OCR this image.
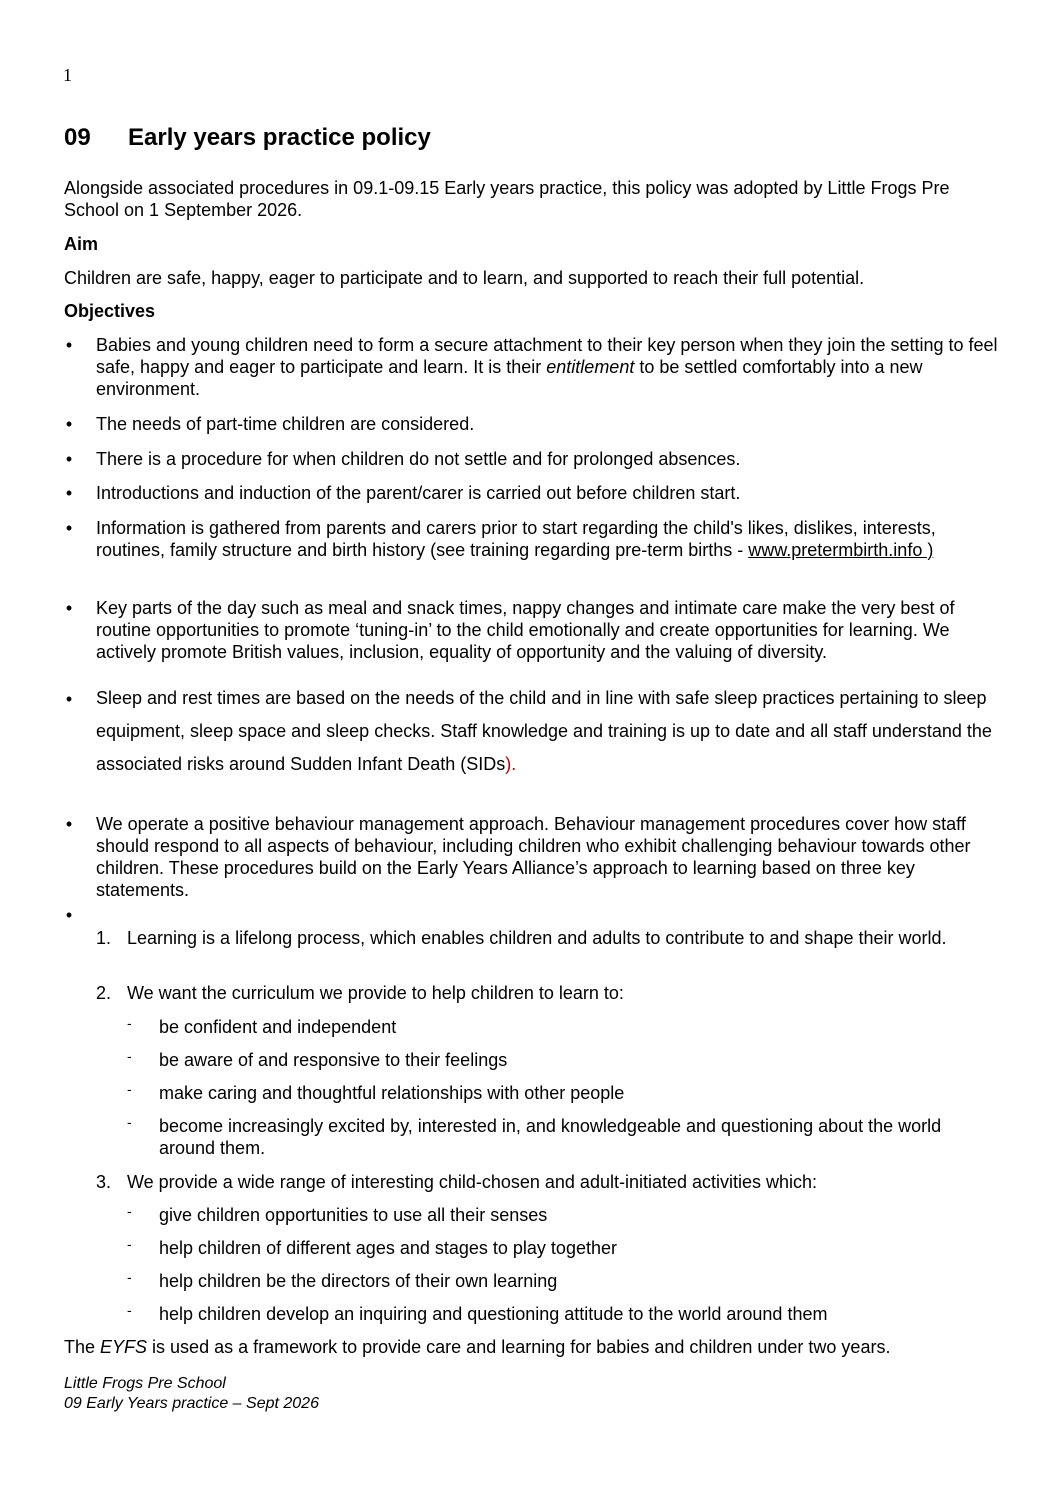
1
09 Early years practice policy
Alongside associated procedures in 09.1-09.15 Early years practice, this policy was adopted by Little Frogs Pre School on 1 September 2026.
Aim
Children are safe, happy, eager to participate and to learn, and supported to reach their full potential.
Objectives
• Babies and young children need to form a secure attachment to their key person when they join the setting to feel safe, happy and eager to participate and learn. It is their entitlement to be settled comfortably into a new environment.
• The needs of part-time children are considered.
• There is a procedure for when children do not settle and for prolonged absences.
• Introductions and induction of the parent/carer is carried out before children start.
• Information is gathered from parents and carers prior to start regarding the child's likes, dislikes, interests, routines, family structure and birth history (see training regarding pre-term births - www.pretermbirth.info )
• Key parts of the day such as meal and snack times, nappy changes and intimate care make the very best of routine opportunities to promote ‘tuning-in’ to the child emotionally and create opportunities for learning. We actively promote British values, inclusion, equality of opportunity and the valuing of diversity.
• Sleep and rest times are based on the needs of the child and in line with safe sleep practices pertaining to sleep equipment, sleep space and sleep checks. Staff knowledge and training is up to date and all staff understand the associated risks around Sudden Infant Death (SIDs).
• We operate a positive behaviour management approach. Behaviour management procedures cover how staff should respond to all aspects of behaviour, including children who exhibit challenging behaviour towards other children. These procedures build on the Early Years Alliance’s approach to learning based on three key statements.
•
1. Learning is a lifelong process, which enables children and adults to contribute to and shape their world.
2. We want the curriculum we provide to help children to learn to:
- be confident and independent
- be aware of and responsive to their feelings
- make caring and thoughtful relationships with other people
- become increasingly excited by, interested in, and knowledgeable and questioning about the world around them.
3. We provide a wide range of interesting child-chosen and adult-initiated activities which:
- give children opportunities to use all their senses
- help children of different ages and stages to play together
- help children be the directors of their own learning
- help children develop an inquiring and questioning attitude to the world around them
The EYFS is used as a framework to provide care and learning for babies and children under two years.
Little Frogs Pre School
09 Early Years practice – Sept 2026
